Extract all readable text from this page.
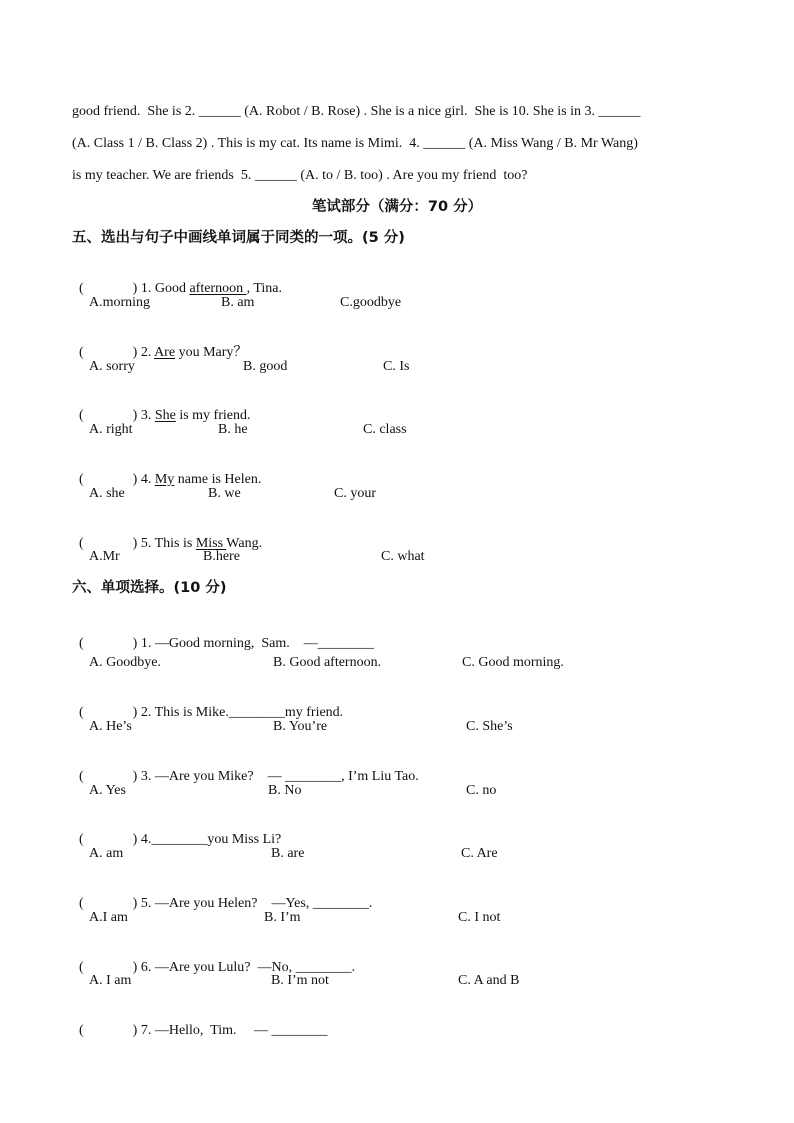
good friend.  She is 2. ______ (A. Robot / B. Rose) . She is a nice girl.  She is 10. She is in 3. ______
(A. Class 1 / B. Class 2) . This is my cat. Its name is Mimi.  4. ______ (A. Miss Wang / B. Mr Wang)
is my teacher. We are friends  5. ______ (A. to / B. too) . Are you my friend  too?
笔试部分（满分：70 分）
五、选出与句子中画线单词属于同类的一项。(5 分)

(              ) 1. Good afternoon , Tina.

A.morning	B. am	C.goodbye

(              ) 2. Are you Mary？

A. sorry	B. good	C. Is

(              ) 3. She is my friend.

A. right	B. he	C. class

(              ) 4. My name is Helen.

A. she	B. we	C. your

(              ) 5. This is Miss Wang.

A.Mr	B.here	C. what
六、单项选择。(10 分)

(              ) 1. —Good morning,  Sam.    —________

A. Goodbye.	B. Good afternoon.	C. Good morning.

(              ) 2. This is Mike.________my friend.

A. He’s	B. You’re	C. She’s

(              ) 3. —Are you Mike?    — ________, I’m Liu Tao.

A. Yes	B. No	C. no

(              ) 4.________you Miss Li?

A. am	B. are	C. Are

(              ) 5. —Are you Helen?    —Yes, ________.

A.I am	B. I’m	C. I not

(              ) 6. —Are you Lulu?  —No, ________.

A. I am	B. I’m not	C. A and B

(              ) 7. —Hello,  Tim.     — ________
